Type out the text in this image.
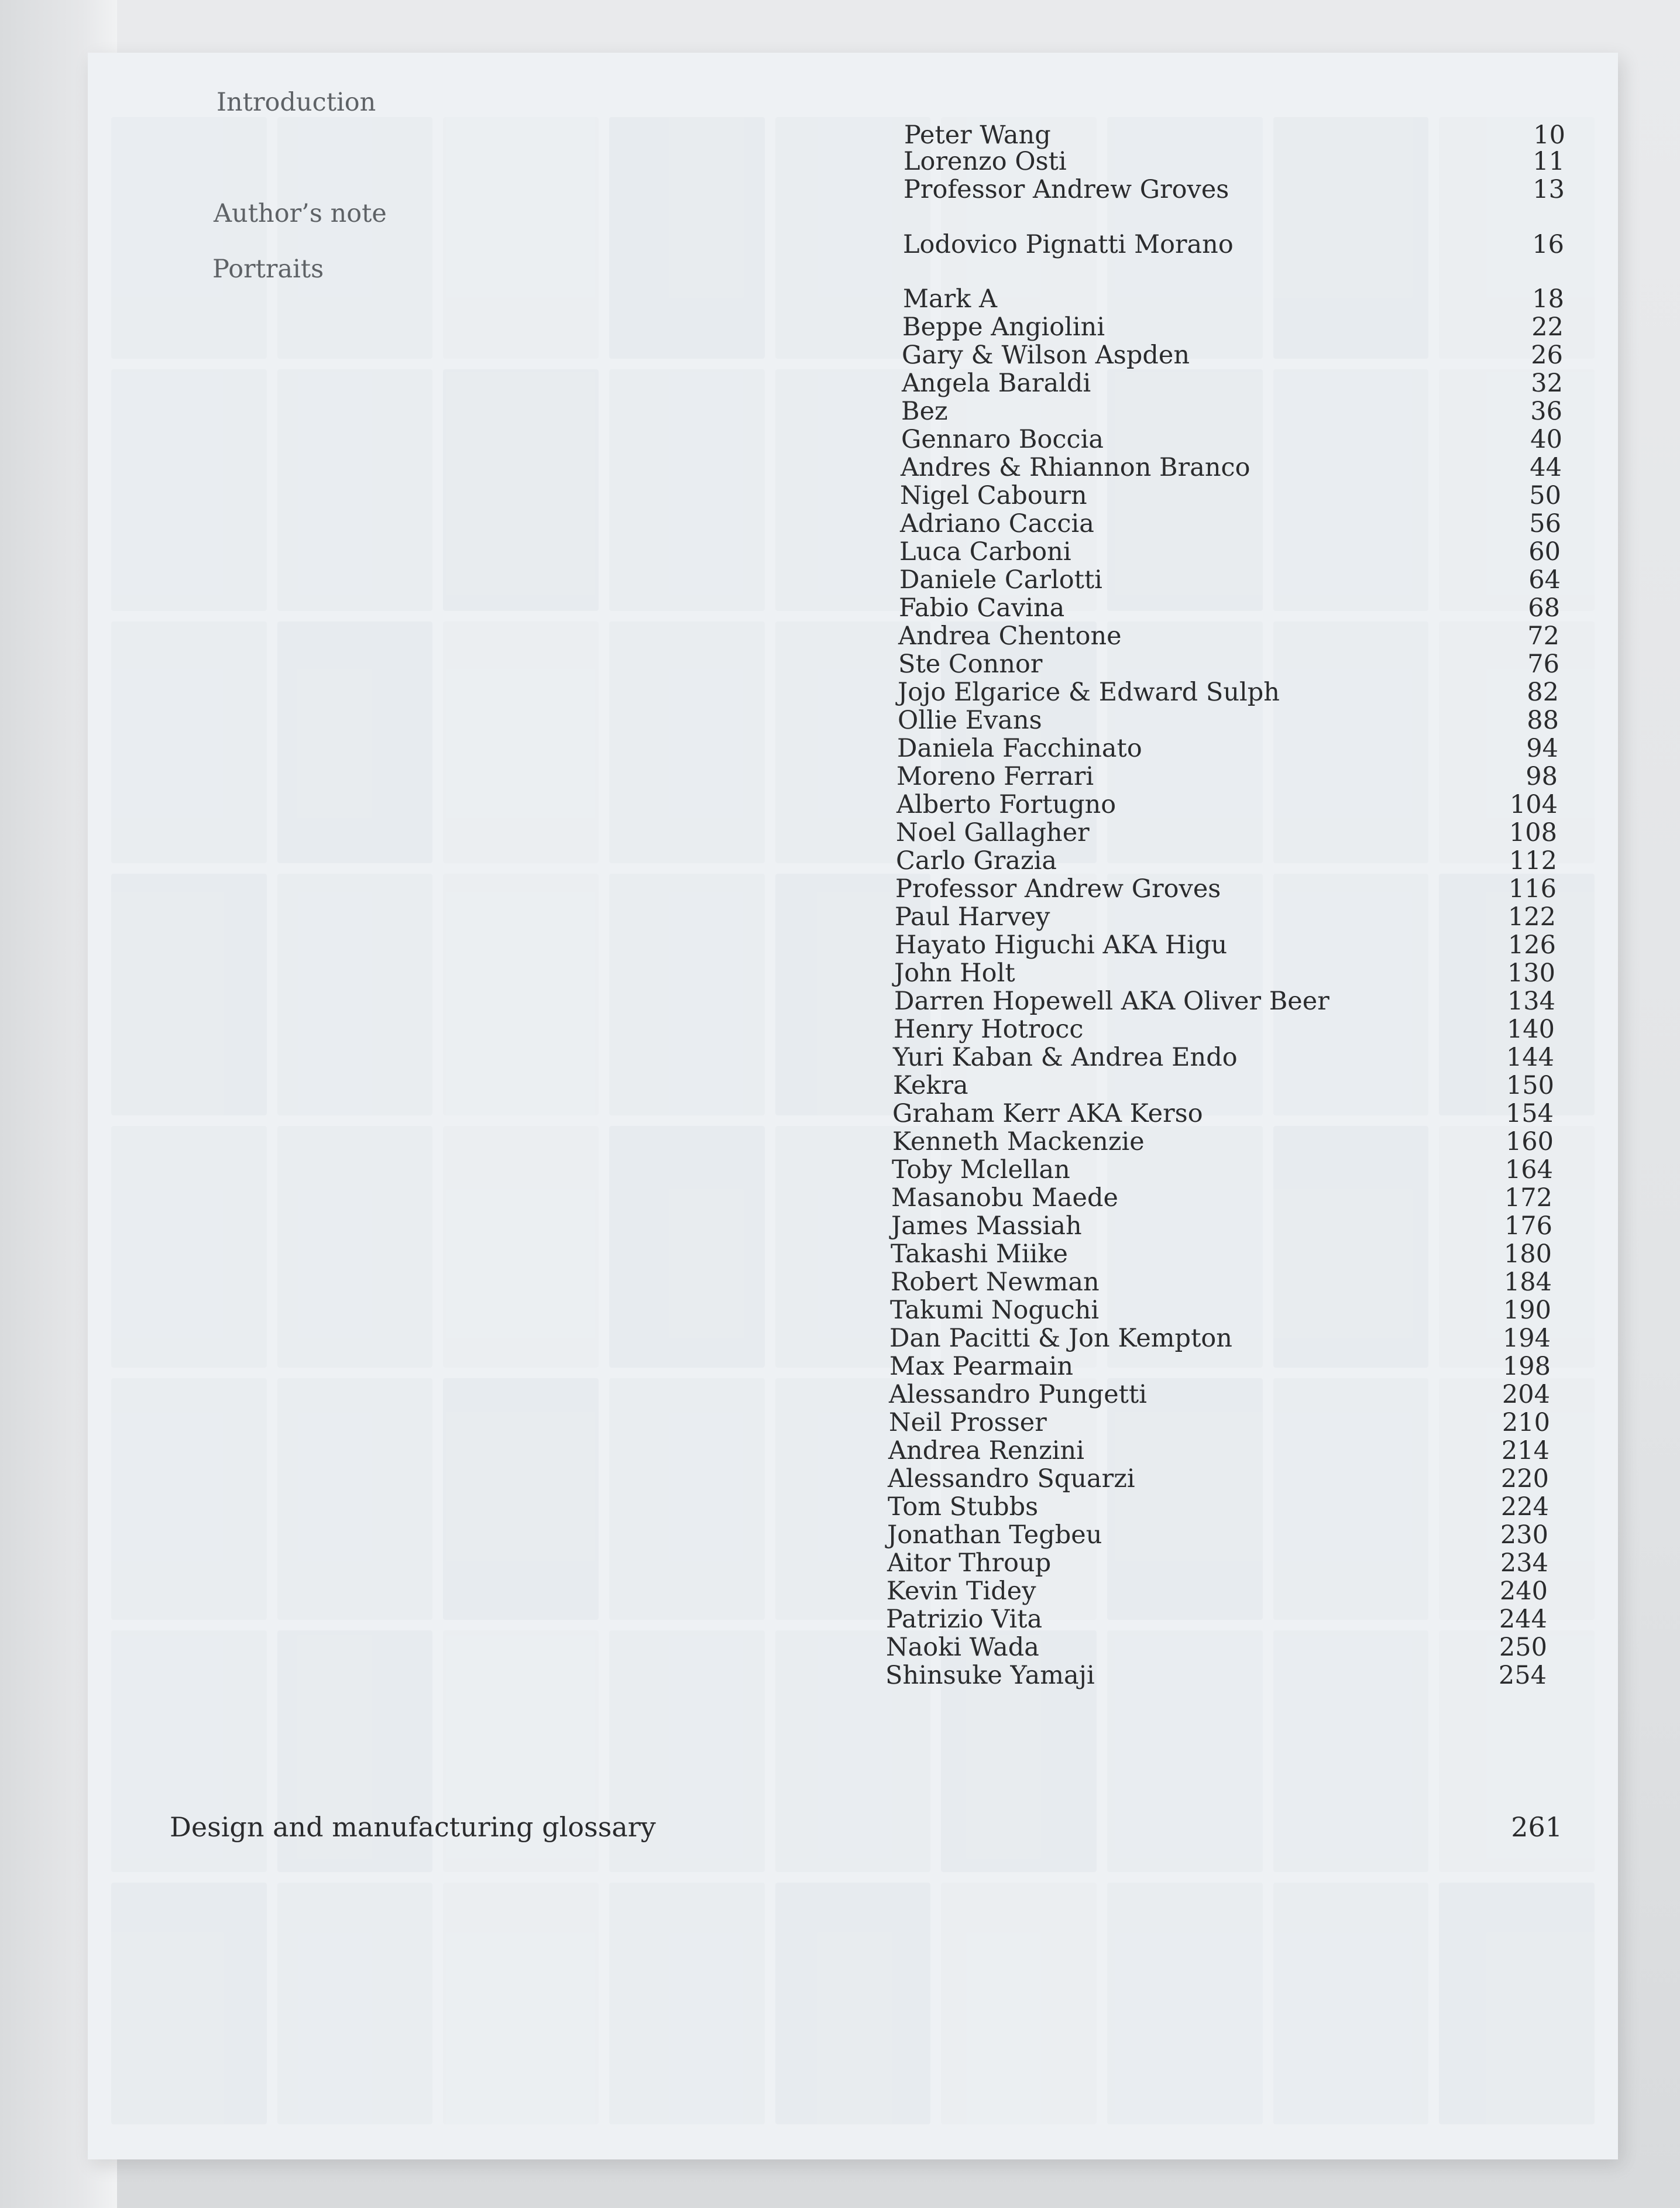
Introduction
Author’s note
Portraits
Peter Wang	10
Lorenzo Osti	11
Professor Andrew Groves	13
Lodovico Pignatti Morano	16
Mark A	18
Beppe Angiolini	22
Gary & Wilson Aspden	26
Angela Baraldi	32
Bez	36
Gennaro Boccia	40
Andres & Rhiannon Branco	44
Nigel Cabourn	50
Adriano Caccia	56
Luca Carboni	60
Daniele Carlotti	64
Fabio Cavina	68
Andrea Chentone	72
Ste Connor	76
Jojo Elgarice & Edward Sulph	82
Ollie Evans	88
Daniela Facchinato	94
Moreno Ferrari	98
Alberto Fortugno	104
Noel Gallagher	108
Carlo Grazia	112
Professor Andrew Groves	116
Paul Harvey	122
Hayato Higuchi AKA Higu	126
John Holt	130
Darren Hopewell AKA Oliver Beer	134
Henry Hotrocc	140
Yuri Kaban & Andrea Endo	144
Kekra	150
Graham Kerr AKA Kerso	154
Kenneth Mackenzie	160
Toby Mclellan	164
Masanobu Maede	172
James Massiah	176
Takashi Miike	180
Robert Newman	184
Takumi Noguchi	190
Dan Pacitti & Jon Kempton	194
Max Pearmain	198
Alessandro Pungetti	204
Neil Prosser	210
Andrea Renzini	214
Alessandro Squarzi	220
Tom Stubbs	224
Jonathan Tegbeu	230
Aitor Throup	234
Kevin Tidey	240
Patrizio Vita	244
Naoki Wada	250
Shinsuke Yamaji	254
Design and manufacturing glossary	261
